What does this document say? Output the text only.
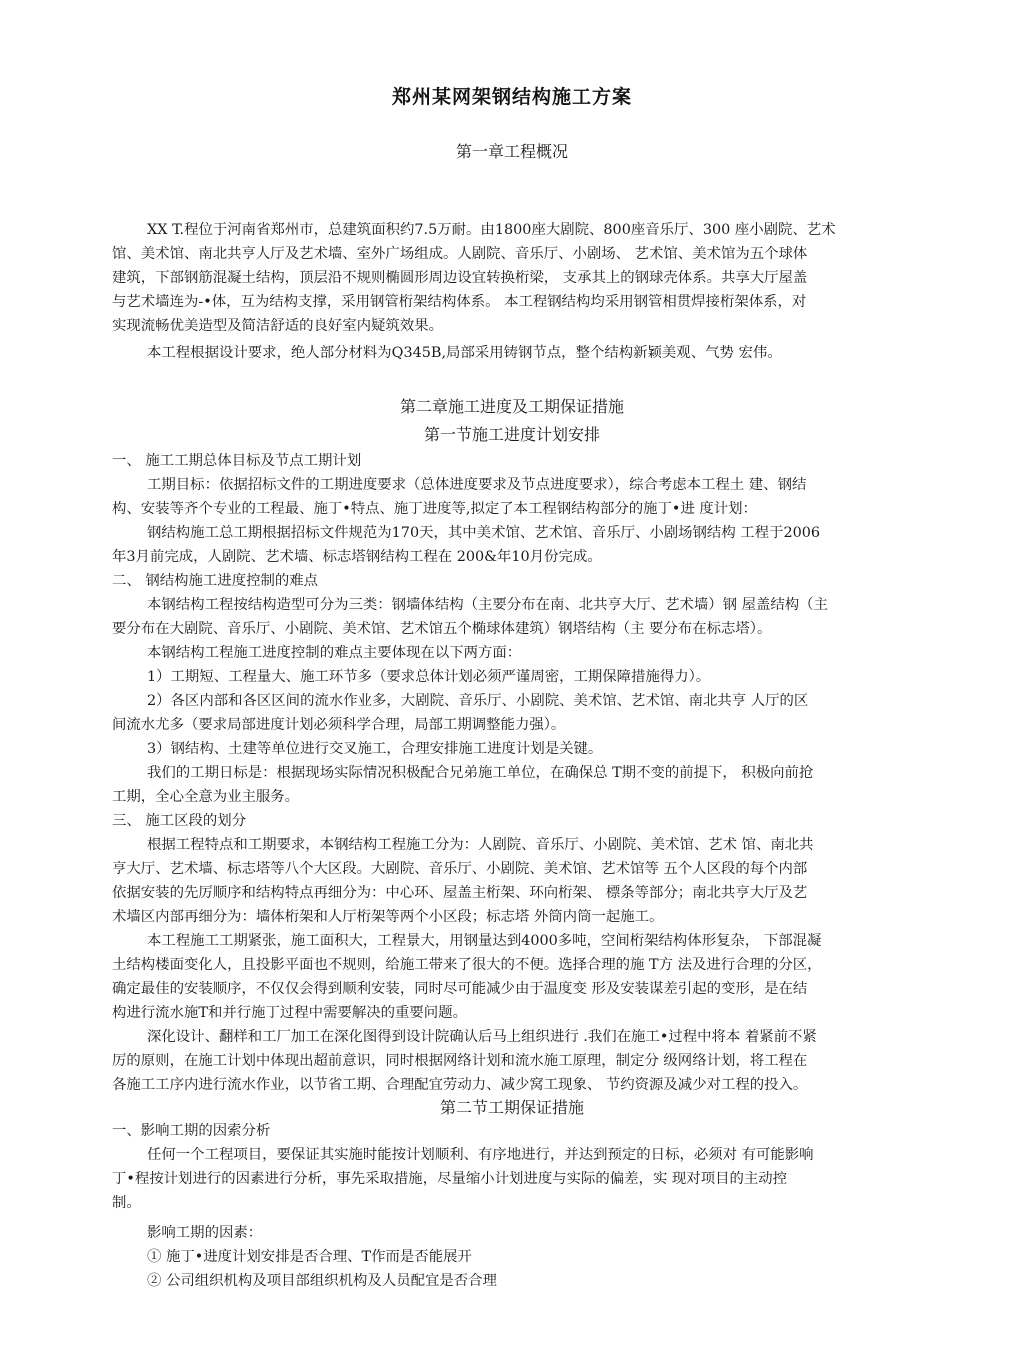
郑州某网架钢结构施工方案
第一章工程概况
XX T.程位于河南省郑州市，总建筑面积约7.5万耐。由1800座大剧院、800座音乐厅、300 座小剧院、艺术
馆、美术馆、南北共亨人厅及艺术墙、室外广场组成。人剧院、音乐厅、小剧场、 艺术馆、美术馆为五个球体
建筑，下部钢筋混凝土结构，顶层沿不规则椭圆形周边设宜转换桁梁， 支承其上的钢球壳体系。共享大厅屋盖
与艺术墙连为-•体，互为结构支撑，采用钢管桁架结构体系。 本工程钢结构均采用钢管相贯焊接桁架体系，对
实现流畅优美造型及简洁舒适的良好室内疑筑效果。
本工程根据设计要求，绝人部分材料为Q345B,局部采用铸钢节点，整个结构新颖美观、气势 宏伟。
第二章施工进度及工期保证措施
第一节施工进度计划安排
一、 施工工期总体目标及节点工期计划
工期目标：依据招标文件的工期进度要求（总体进度要求及节点进度要求），综合考虑本工程土 建、钢结
构、安装等齐个专业的工程最、施丁•特点、施丁进度等,拟定了本工程钢结构部分的施丁•进 度计划：
钢结构施工总工期根据招标文件规范为170天，其中美术馆、艺术馆、音乐厅、小剧场钢结构 工程于2006
年3月前完成，人剧院、艺术墙、标志塔钢结构工程在 200&年10月份完成。
二、 钢结构施工进度控制的难点
本钢结构工程按结构造型可分为三类：钢墙体结构（主要分布在南、北共亨大厅、艺术墙）钢 屋盖结构（主
要分布在大剧院、音乐厅、小剧院、美术馆、艺术馆五个椭球体建筑）钢塔结构（主 要分布在标志塔）。
本钢结构工程施工进度控制的难点主要体现在以下两方面：
1）工期短、工程量大、施工环节多（要求总体计划必须严谨周密，工期保障措施得力）。
2）各区内部和各区区间的流水作业多，大剧院、音乐厅、小剧院、美术馆、艺术馆、南北共亨 人厅的区
间流水尤多（要求局部进度计划必须科学合理，局部工期调整能力强）。
3）钢结构、土建等单位进行交叉施工，合理安排施工进度计划是关键。
我们的工期日标是：根据现场实际情况积极配合兄弟施工单位，在确保总 T期不变的前提下， 积极向前抢
工期，全心全意为业主服务。
三、 施工区段的划分
根据工程特点和工期要求，本钢结构工程施工分为：人剧院、音乐厅、小剧院、美术馆、艺术 馆、南北共
亨大厅、艺术墙、标志塔等八个大区段。大剧院、音乐厅、小剧院、美术馆、艺术馆等 五个人区段的每个内部
依据安装的先厉顺序和结构特点再细分为：中心环、屋盖主桁架、环向桁架、 標条等部分；南北共亨大厅及艺
术墙区内部再细分为：墙体桁架和人厅桁架等两个小区段；标志塔 外筒内筒一起施工。
本工程施工工期紧张，施工面积大，工程景大，用钢量达到4000多吨，空间桁架结构体形复杂， 下部混凝
土结构楼面变化人，且投影平面也不规则，给施工带来了很大的不便。选择合理的施 T方 法及进行合理的分区，
确定最佳的安装顺序，不仅仅会得到顺利安装，同时尽可能减少由于温度变 形及安装谋差引起的变形，是在结
构进行流水施T和并行施丁过程中需要解决的重要问题。
深化设计、翻样和工厂加工在深化图得到设计院确认后马上组织进行 .我们在施工•过程中将本 着紧前不紧
厉的原则，在施工计划中体现出超前意识，同时根据网络计划和流水施工原理，制定分 级网络计划，将工程在
各施工工序内进行流水作业，以节省工期、合理配宜劳动力、减少窝工现象、 节约资源及减少对工程的投入。
第二节工期保证措施
一、影响工期的因索分析
任何一个工程项目，要保证其实施时能按计划顺利、有序地进行，并达到预定的日标，必须对 有可能影响
丁•程按计划进行的因素进行分析，事先采取措施，尽量缩小计划进度与实际的偏差，实 现对项目的主动控
制。
影响工期的因素：
① 施丁•进度计划安排是否合理、T作而是否能展开
② 公司组织机构及项目部组织机构及人员配宜是否合理
